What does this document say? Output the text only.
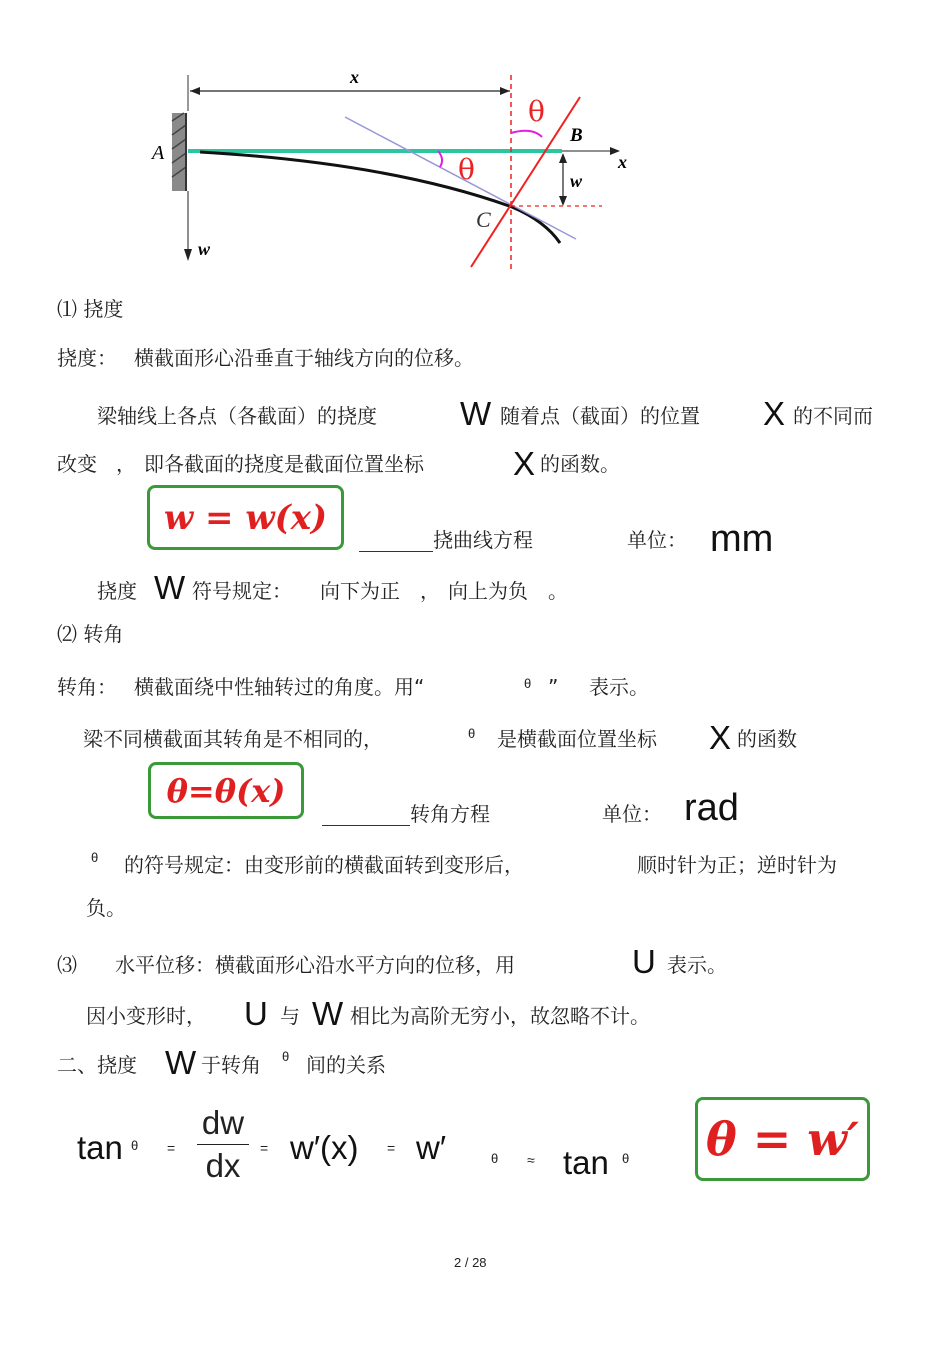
x
x
w
A
w
B
C
θ
θ
⑴ 挠度
挠度： 横截面形心沿垂直于轴线方向的位移。
梁轴线上各点（各截面）的挠度	W 随着点（截面）的位置 X 的不同而
改变 ， 即各截面的挠度是截面位置坐标	X 的函数。
w = w(x)
挠曲线方程	单位： mm
挠度 W 符号规定： 向下为正 ， 向上为负 。
⑵ 转角
转角： 横截面绕中性轴转过的角度。用“	θ ” 表示。
梁不同横截面其转角是不相同的，	θ 是横截面位置坐标 X 的函数
θ=θ(x)
转角方程	单位： rad
θ 的符号规定：由变形前的横截面转到变形后，	顺时针为正；逆时针为
负。
⑶ 水平位移：横截面形心沿水平方向的位移，用	U 表示。
因小变形时， U 与 W 相比为高阶无穷小，故忽略不计。
二、挠度 W 于转角 θ 间的关系
tan θ =
dw
dx	= w′(x) = w′	θ ≈ tan θ θ = w′
2 / 28
